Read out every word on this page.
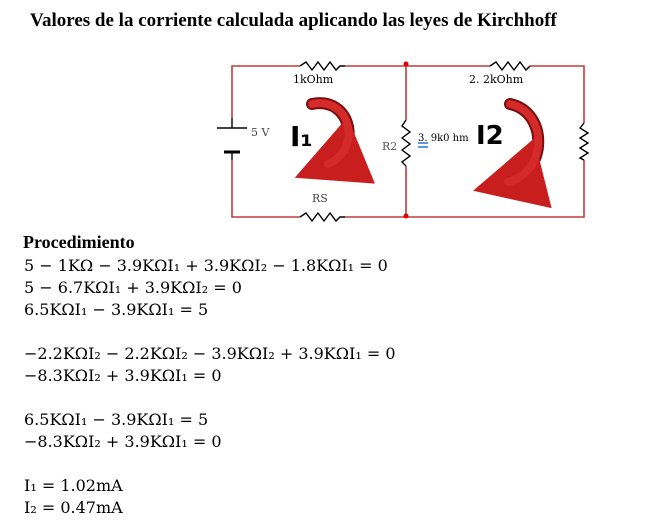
Valores de la corriente calculada aplicando las leyes de Kirchhoff
1kOhm	2. 2kOhm
RS
5 V
R2
3. 9k0 hm
I₁	I2
Procedimiento
5 − 1KΩ − 3.9KΩI₁ + 3.9KΩI₂ − 1.8KΩI₁ = 0
5 − 6.7KΩI₁ + 3.9KΩI₂ = 0
6.5KΩI₁ − 3.9KΩI₁ = 5
−2.2KΩI₂ − 2.2KΩI₂ − 3.9KΩI₂ + 3.9KΩI₁ = 0
−8.3KΩI₂ + 3.9KΩI₁ = 0
6.5KΩI₁ − 3.9KΩI₁ = 5
−8.3KΩI₂ + 3.9KΩI₁ = 0
I₁ = 1.02mA
I₂ = 0.47mA
